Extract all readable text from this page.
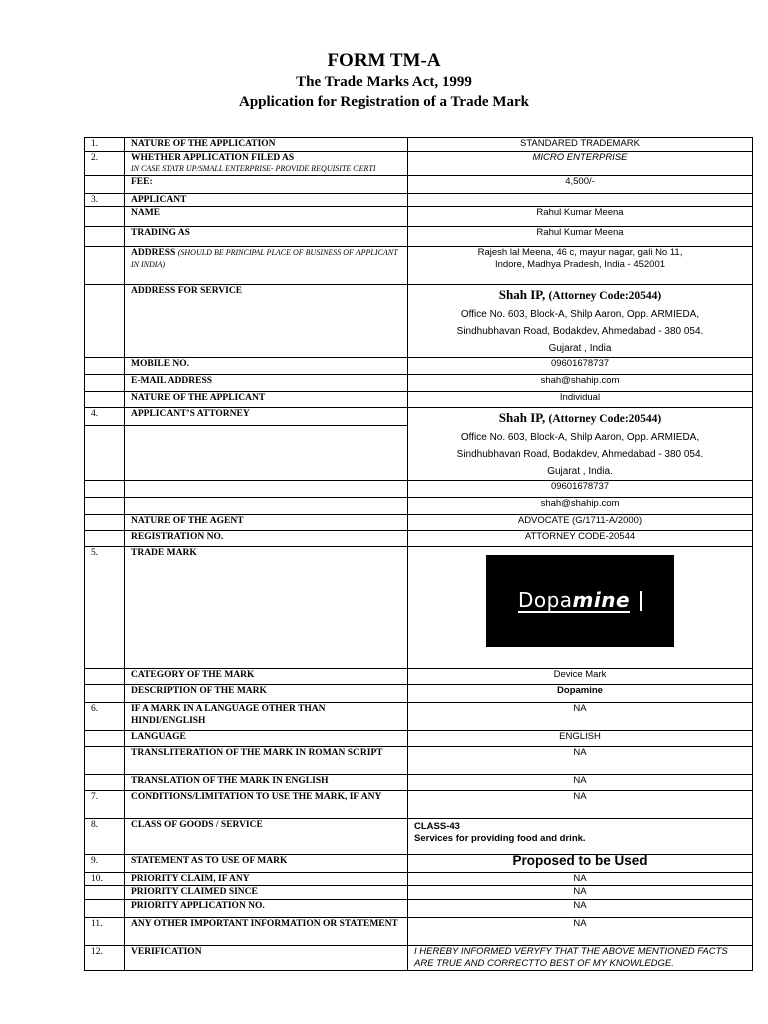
FORM TM-A
The Trade Marks Act, 1999
Application for Registration of a Trade Mark
1.	NATURE OF THE APPLICATION	STANDARED TRADEMARK
2.	WHETHER APPLICATION FILED AS
IN CASE STATR UP/SMALL ENTERPRISE- PROVIDE REQUISITE CERTI	MICRO ENTERPRISE
	FEE:	4,500/-
3.	APPLICANT	
	NAME	Rahul Kumar Meena
	TRADING AS	Rahul Kumar Meena
	ADDRESS (SHOULD BE PRINCIPAL PLACE OF BUSINESS OF APPLICANT IN INDIA)	Rajesh lal Meena, 46 c, mayur nagar, gali No 11,
Indore, Madhya Pradesh, India - 452001

	ADDRESS FOR SERVICE	Shah IP, (Attorney Code:20544)
Office No. 603, Block-A, Shilp Aaron, Opp. ARMIEDA,
Sindhubhavan Road, Bodakdev, Ahmedabad - 380 054.
Gujarat , India

	MOBILE NO.	09601678737
	E-MAIL ADDRESS	shah@shahip.com
	NATURE OF THE APPLICANT	Individual
4.	APPLICANT’S ATTORNEY	Shah IP, (Attorney Code:20544)
Office No. 603, Block-A, Shilp Aaron, Opp. ARMIEDA,
Sindhubhavan Road, Bodakdev, Ahmedabad - 380 054.
Gujarat , India.

		09601678737
		shah@shahip.com
	NATURE OF THE AGENT	ADVOCATE (G/1711-A/2000)
	REGISTRATION NO.	ATTORNEY CODE-20544
5.	TRADE MARK	Dopamine

	CATEGORY OF THE MARK	Device Mark
	DESCRIPTION OF THE MARK	Dopamine
6.	IF A MARK IN A LANGUAGE OTHER THAN HINDI/ENGLISH	NA
	LANGUAGE	ENGLISH
	TRANSLITERATION OF THE MARK IN ROMAN SCRIPT	NA
	TRANSLATION OF THE MARK IN ENGLISH	NA
7.	CONDITIONS/LIMITATION TO USE THE MARK, IF ANY	NA
8.	CLASS OF GOODS / SERVICE	CLASS-43
Services for providing food and drink.

9.	STATEMENT AS TO USE OF MARK	Proposed to be Used
10.	PRIORITY CLAIM, IF ANY	NA
	PRIORITY CLAIMED SINCE	NA
	PRIORITY APPLICATION NO.	NA
11.	ANY OTHER IMPORTANT INFORMATION OR STATEMENT	NA
12.	VERIFICATION	I HEREBY INFORMED VERYFY THAT THE ABOVE MENTIONED FACTS ARE TRUE AND CORRECTTO BEST OF MY KNOWLEDGE.
